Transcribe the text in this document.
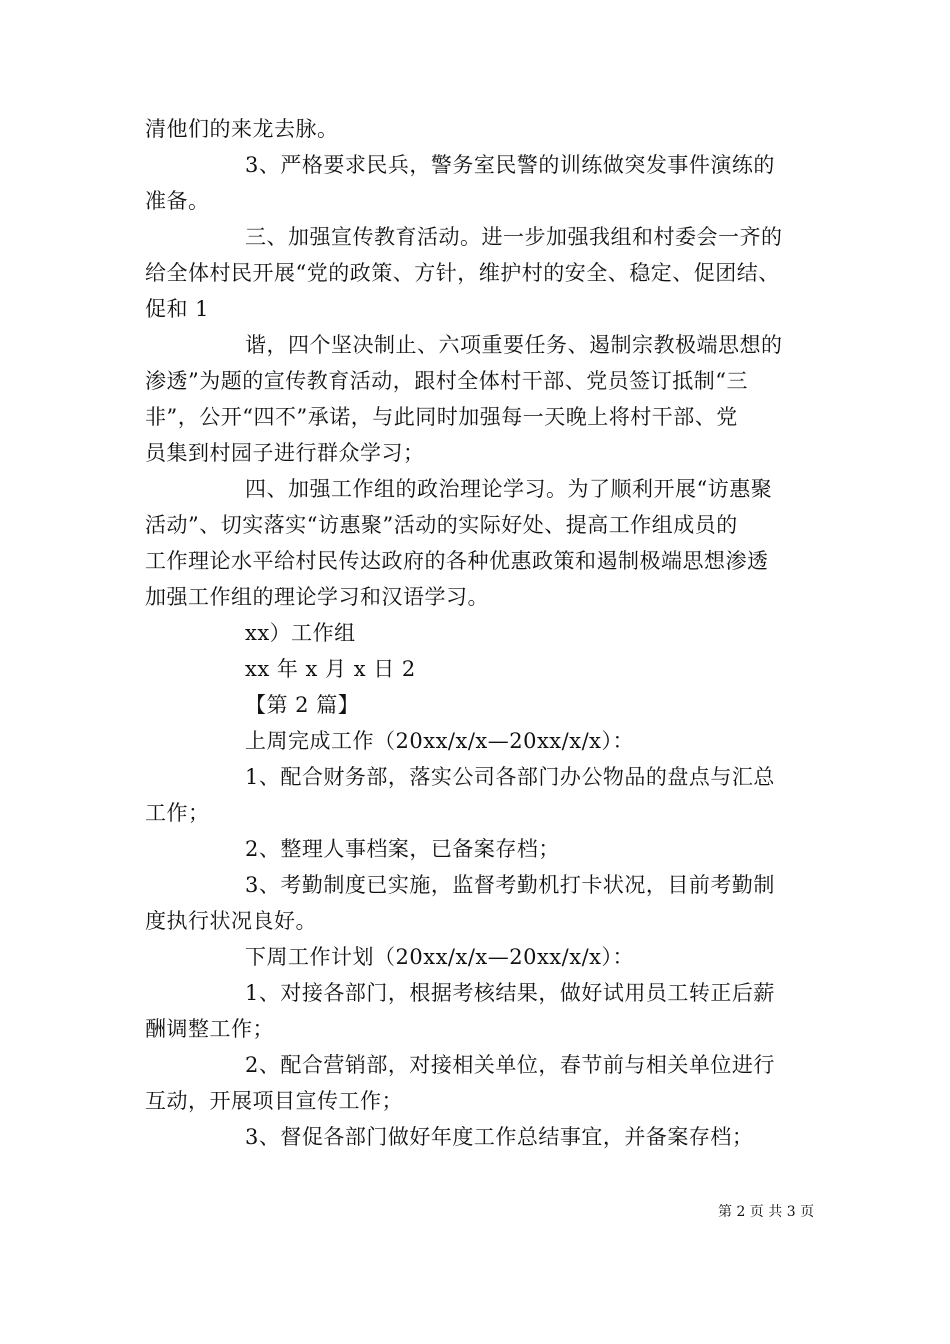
清他们的来龙去脉。
3、严格要求民兵，警务室民警的训练做突发事件演练的
准备。
三、加强宣传教育活动。进一步加强我组和村委会一齐的
给全体村民开展“党的政策、方针，维护村的安全、稳定、促团结、
促和 1
谐，四个坚决制止、六项重要任务、遏制宗教极端思想的
渗透”为题的宣传教育活动，跟村全体村干部、党员签订抵制“三
非”，公开“四不”承诺，与此同时加强每一天晚上将村干部、党
员集到村园子进行群众学习；
四、加强工作组的政治理论学习。为了顺利开展“访惠聚
活动”、切实落实“访惠聚”活动的实际好处、提高工作组成员的
工作理论水平给村民传达政府的各种优惠政策和遏制极端思想渗透
加强工作组的理论学习和汉语学习。
xx）工作组
xx 年 x 月 x 日 2
【第 2 篇】
上周完成工作（20xx/x/x—20xx/x/x）：
1、配合财务部，落实公司各部门办公物品的盘点与汇总
工作；
2、整理人事档案，已备案存档；
3、考勤制度已实施，监督考勤机打卡状况，目前考勤制
度执行状况良好。
下周工作计划（20xx/x/x—20xx/x/x）：
1、对接各部门，根据考核结果，做好试用员工转正后薪
酬调整工作；
2、配合营销部，对接相关单位，春节前与相关单位进行
互动，开展项目宣传工作；
3、督促各部门做好年度工作总结事宜，并备案存档；
第 2 页 共 3 页
